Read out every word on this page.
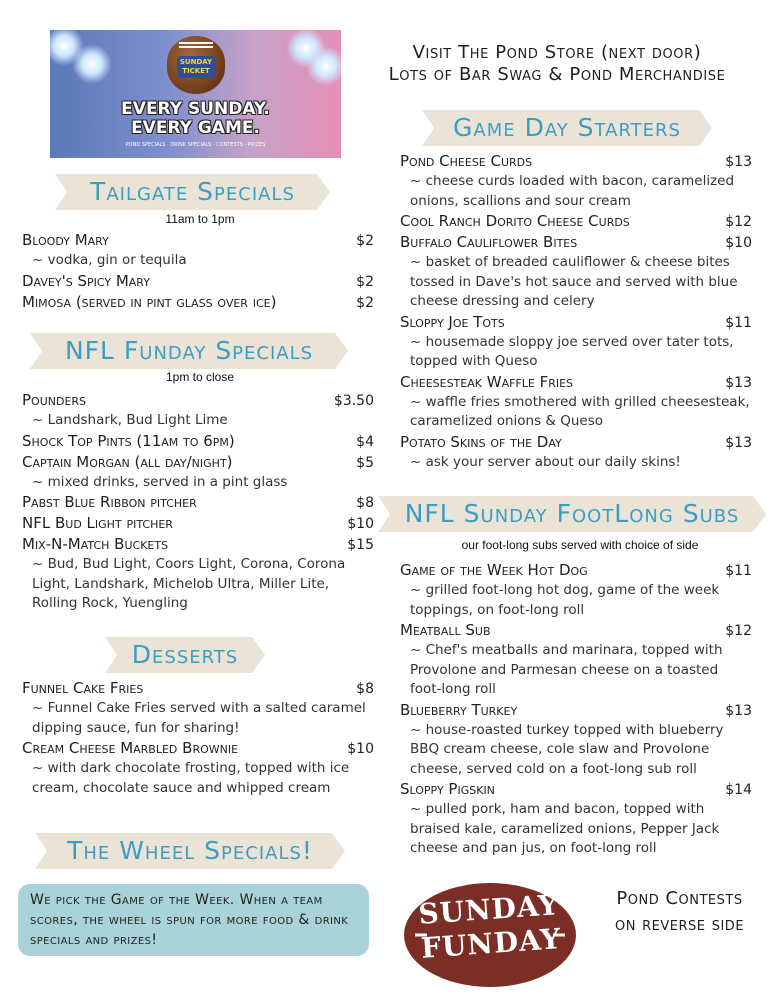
SUNDAY
TICKET
EVERY SUNDAY.
EVERY GAME.
POND SPECIALS · DRINK SPECIALS · CONTESTS · PRIZES
Visit The Pond Store (next door)
Lots of Bar Swag & Pond Merchandise
Tailgate Specials
11am to 1pm
Bloody Mary	$2
~ vodka, gin or tequila
Davey's Spicy Mary	$2
Mimosa (served in pint glass over ice)	$2
NFL Funday Specials
1pm to close
Pounders	$3.50
~ Landshark, Bud Light Lime
Shock Top Pints (11am to 6pm)	$4
Captain Morgan (all day/night)	$5
~ mixed drinks, served in a pint glass
Pabst Blue Ribbon pitcher	$8
NFL Bud Light pitcher	$10
Mix-N-Match Buckets	$15
~ Bud, Bud Light, Coors Light, Corona, Corona Light, Landshark, Michelob Ultra, Miller Lite, Rolling Rock, Yuengling
Desserts
Funnel Cake Fries	$8
~ Funnel Cake Fries served with a salted caramel dipping sauce, fun for sharing!
Cream Cheese Marbled Brownie	$10
~ with dark chocolate frosting, topped with ice cream, chocolate sauce and whipped cream
The Wheel Specials!
We pick the Game of the Week. When a team scores, the wheel is spun for more food & drink specials and prizes!
Game Day Starters
Pond Cheese Curds	$13
~ cheese curds loaded with bacon, caramelized onions, scallions and sour cream
Cool Ranch Dorito Cheese Curds	$12
Buffalo Cauliflower Bites	$10
~ basket of breaded cauliflower & cheese bites tossed in Dave's hot sauce and served with blue cheese dressing and celery
Sloppy Joe Tots	$11
~ housemade sloppy joe served over tater tots, topped with Queso
Cheesesteak Waffle Fries	$13
~ waffle fries smothered with grilled cheesesteak, caramelized onions & Queso
Potato Skins of the Day	$13
~ ask your server about our daily skins!
NFL Sunday FootLong Subs
our foot-long subs served with choice of side
Game of the Week Hot Dog	$11
~ grilled foot-long hot dog, game of the week toppings, on foot-long roll
Meatball Sub	$12
~ Chef's meatballs and marinara, topped with Provolone and Parmesan cheese on a toasted foot-long roll
Blueberry Turkey	$13
~ house-roasted turkey topped with blueberry BBQ cream cheese, cole slaw and Provolone cheese, served cold on a foot-long sub roll
Sloppy Pigskin	$14
~ pulled pork, ham and bacon, topped with braised kale, caramelized onions, Pepper Jack cheese and pan jus, on foot-long roll
SUNDAY
FUNDAY
Pond Contests
on reverse side
